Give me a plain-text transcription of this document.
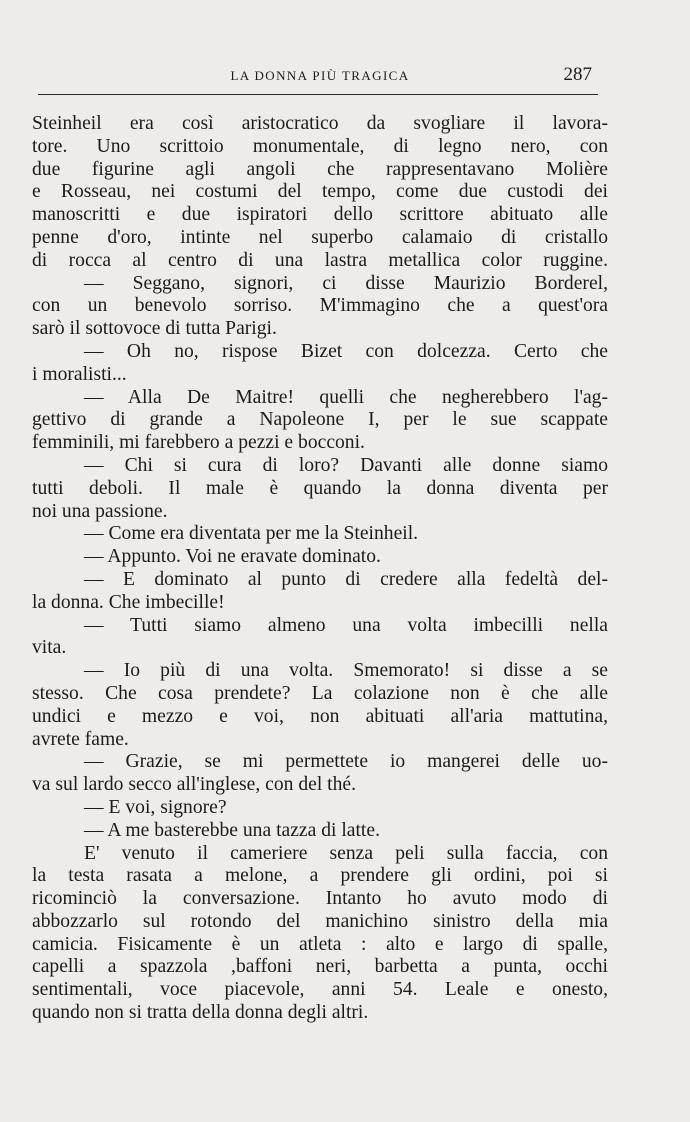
LA DONNA PIÙ TRAGICA	287
Steinheil era così aristocratico da svogliare il lavora-
tore. Uno scrittoio monumentale, di legno nero, con
due figurine agli angoli che rappresentavano Molière
e Rosseau, nei costumi del tempo, come due custodi dei
manoscritti e due ispiratori dello scrittore abituato alle
penne d'oro, intinte nel superbo calamaio di cristallo
di rocca al centro di una lastra metallica color ruggine.
— Seggano, signori, ci disse Maurizio Borderel,
con un benevolo sorriso. M'immagino che a quest'ora
sarò il sottovoce di tutta Parigi.
— Oh no, rispose Bizet con dolcezza. Certo che
i moralisti...
— Alla De Maitre! quelli che negherebbero l'ag-
gettivo di grande a Napoleone I, per le sue scappate
femminili, mi farebbero a pezzi e bocconi.
— Chi si cura di loro? Davanti alle donne siamo
tutti deboli. Il male è quando la donna diventa per
noi una passione.
— Come era diventata per me la Steinheil.
— Appunto. Voi ne eravate dominato.
— E dominato al punto di credere alla fedeltà del-
la donna. Che imbecille!
— Tutti siamo almeno una volta imbecilli nella
vita.
— Io più di una volta. Smemorato! si disse a se
stesso. Che cosa prendete? La colazione non è che alle
undici e mezzo e voi, non abituati all'aria mattutina,
avrete fame.
— Grazie, se mi permettete io mangerei delle uo-
va sul lardo secco all'inglese, con del thé.
— E voi, signore?
— A me basterebbe una tazza di latte.
E' venuto il cameriere senza peli sulla faccia, con
la testa rasata a melone, a prendere gli ordini, poi si
ricominciò la conversazione. Intanto ho avuto modo di
abbozzarlo sul rotondo del manichino sinistro della mia
camicia. Fisicamente è un atleta : alto e largo di spalle,
capelli a spazzola ,baffoni neri, barbetta a punta, occhi
sentimentali, voce piacevole, anni 54. Leale e onesto,
quando non si tratta della donna degli altri.
